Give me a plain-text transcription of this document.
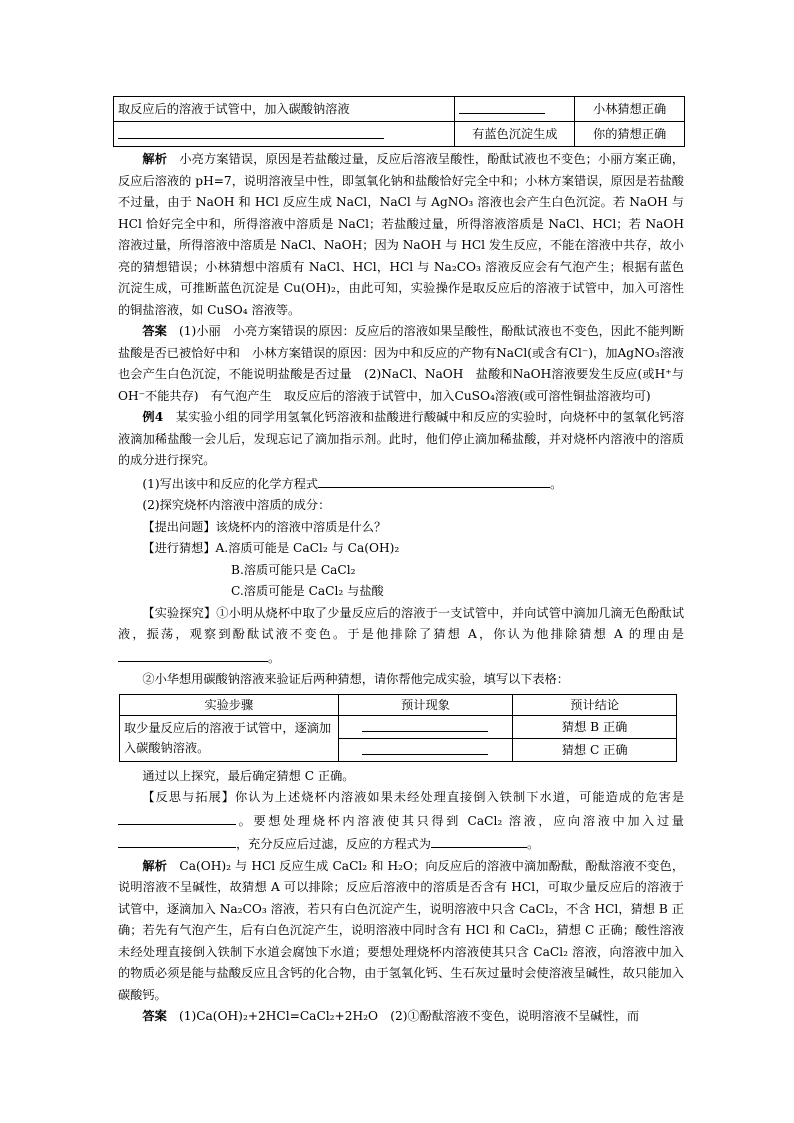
取反应后的溶液于试管中，加入碳酸钠溶液		小林猜想正确
	有蓝色沉淀生成	你的猜想正确

解析　 小亮方案错误，原因是若盐酸过量，反应后溶液呈酸性，酚酞试液也不变色；小丽方案正确，反应后溶液的 pH=7，说明溶液呈中性，即氢氧化钠和盐酸恰好完全中和；小林方案错误，原因是若盐酸不过量，由于 NaOH 和 HCl 反应生成 NaCl，NaCl 与 AgNO₃ 溶液也会产生白色沉淀。若 NaOH 与 HCl 恰好完全中和，所得溶液中溶质是 NaCl；若盐酸过量，所得溶液溶质是 NaCl、HCl；若 NaOH 溶液过量，所得溶液中溶质是 NaCl、NaOH；因为 NaOH 与 HCl 发生反应，不能在溶液中共存，故小亮的猜想错误；小林猜想中溶质有 NaCl、HCl，HCl 与 Na₂CO₃ 溶液反应会有气泡产生；根据有蓝色沉淀生成，可推断蓝色沉淀是 Cu(OH)₂，由此可知，实验操作是取反应后的溶液于试管中，加入可溶性的铜盐溶液，如 CuSO₄ 溶液等。

答案　 (1)小丽　小亮方案错误的原因：反应后的溶液如果呈酸性，酚酞试液也不变色，因此不能判断盐酸是否已被恰好中和　小林方案错误的原因：因为中和反应的产物有NaCl(或含有Cl⁻)，加AgNO₃溶液也会产生白色沉淀，不能说明盐酸是否过量　(2)NaCl、NaOH　盐酸和NaOH溶液要发生反应(或H⁺与OH⁻不能共存)　有气泡产生　取反应后的溶液于试管中，加入CuSO₄溶液(或可溶性铜盐溶液均可)

例4　 某实验小组的同学用氢氧化钙溶液和盐酸进行酸碱中和反应的实验时，向烧杯中的氢氧化钙溶液滴加稀盐酸一会儿后，发现忘记了滴加指示剂。此时，他们停止滴加稀盐酸，并对烧杯内溶液中的溶质的成分进行探究。

(1)写出该中和反应的化学方程式	。

(2)探究烧杯内溶液中溶质的成分：

【提出问题】该烧杯内的溶液中溶质是什么？

【进行猜想】A.溶质可能是 CaCl₂ 与 Ca(OH)₂

B.溶质可能只是 CaCl₂

C.溶质可能是 CaCl₂ 与盐酸

【实验探究】①小明从烧杯中取了少量反应后的溶液于一支试管中，并向试管中滴加几滴无色酚酞试液，振荡，观察到酚酞试液不变色。于是他排除了猜想 A，你认为他排除猜想 A 的理由是。

②小华想用碳酸钠溶液来验证后两种猜想，请你帮他完成实验，填写以下表格：

实验步骤	预计现象	预计结论
取少量反应后的溶液于试管中，逐滴加入碳酸钠溶液。		猜想 B 正确
		猜想 C 正确

通过以上探究，最后确定猜想 C 正确。

【反思与拓展】你认为上述烧杯内溶液如果未经处理直接倒入铁制下水道，可能造成的危害是。要想处理烧杯内溶液使其只得到 CaCl₂ 溶液，应向溶液中加入过量，充分反应后过滤，反应的方程式为	。

解析　 Ca(OH)₂ 与 HCl 反应生成 CaCl₂ 和 H₂O；向反应后的溶液中滴加酚酞，酚酞溶液不变色，说明溶液不呈碱性，故猜想 A 可以排除；反应后溶液中的溶质是否含有 HCl，可取少量反应后的溶液于试管中，逐滴加入 Na₂CO₃ 溶液，若只有白色沉淀产生，说明溶液中只含 CaCl₂，不含 HCl，猜想 B 正确；若先有气泡产生，后有白色沉淀产生，说明溶液中同时含有 HCl 和 CaCl₂，猜想 C 正确；酸性溶液未经处理直接倒入铁制下水道会腐蚀下水道；要想处理烧杯内溶液使其只含 CaCl₂ 溶液，向溶液中加入的物质必须是能与盐酸反应且含钙的化合物，由于氢氧化钙、生石灰过量时会使溶液呈碱性，故只能加入碳酸钙。

答案　 (1)Ca(OH)₂+2HCl=CaCl₂+2H₂O　(2)①酚酞溶液不变色，说明溶液不呈碱性，而
